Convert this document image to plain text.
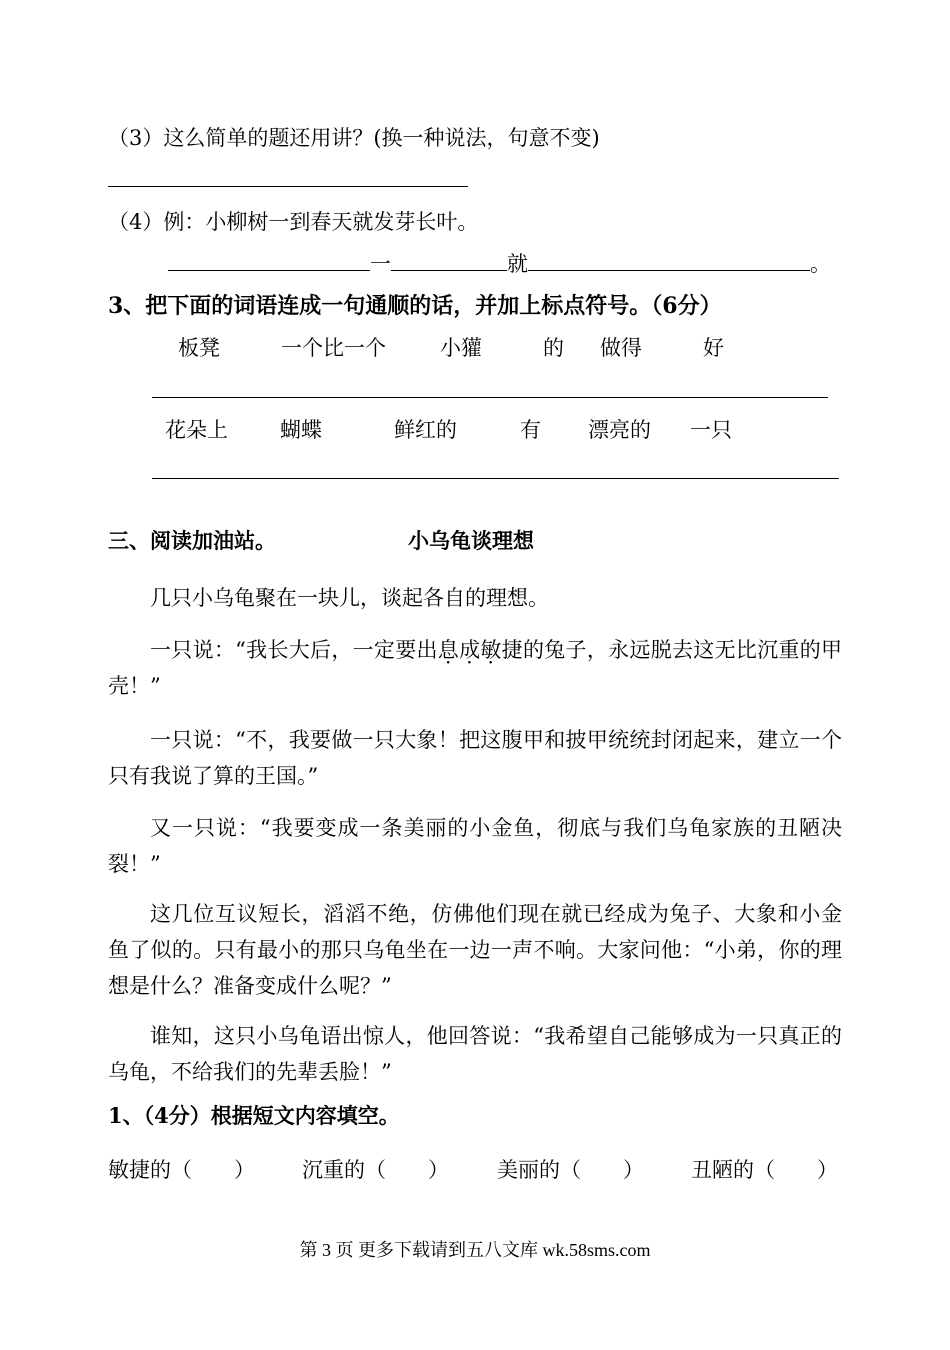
（3）这么简单的题还用讲？(换一种说法，句意不变)
（4）例：小柳树一到春天就发芽长叶。
一	就	。
3、把下面的词语连成一句通顺的话，并加上标点符号。（6分）
板凳	一个比一个	小獾	的 做得	好
花朵上 蝴蝶	鲜红的	有 漂亮的 一只
三、阅读加油站。	小乌龟谈理想
几只小乌龟聚在一块儿，谈起各自的理想。
一只说：“我长大后，一定要出息成敏捷的兔子，永远脱去这无比沉重的甲壳！”
一只说：“不，我要做一只大象！把这腹甲和披甲统统封闭起来，建立一个只有我说了算的王国。”
又一只说：“我要变成一条美丽的小金鱼，彻底与我们乌龟家族的丑陋决裂！”
这几位互议短长，滔滔不绝，仿佛他们现在就已经成为兔子、大象和小金鱼了似的。只有最小的那只乌龟坐在一边一声不响。大家问他：“小弟，你的理想是什么？准备变成什么呢？”
谁知，这只小乌龟语出惊人，他回答说：“我希望自己能够成为一只真正的乌龟，不给我们的先辈丢脸！”
1、（4分）根据短文内容填空。
敏捷的（　　） 沉重的（　　） 美丽的（　　） 丑陋的（　　）
第 3 页 更多下载请到五八文库 wk.58sms.com
